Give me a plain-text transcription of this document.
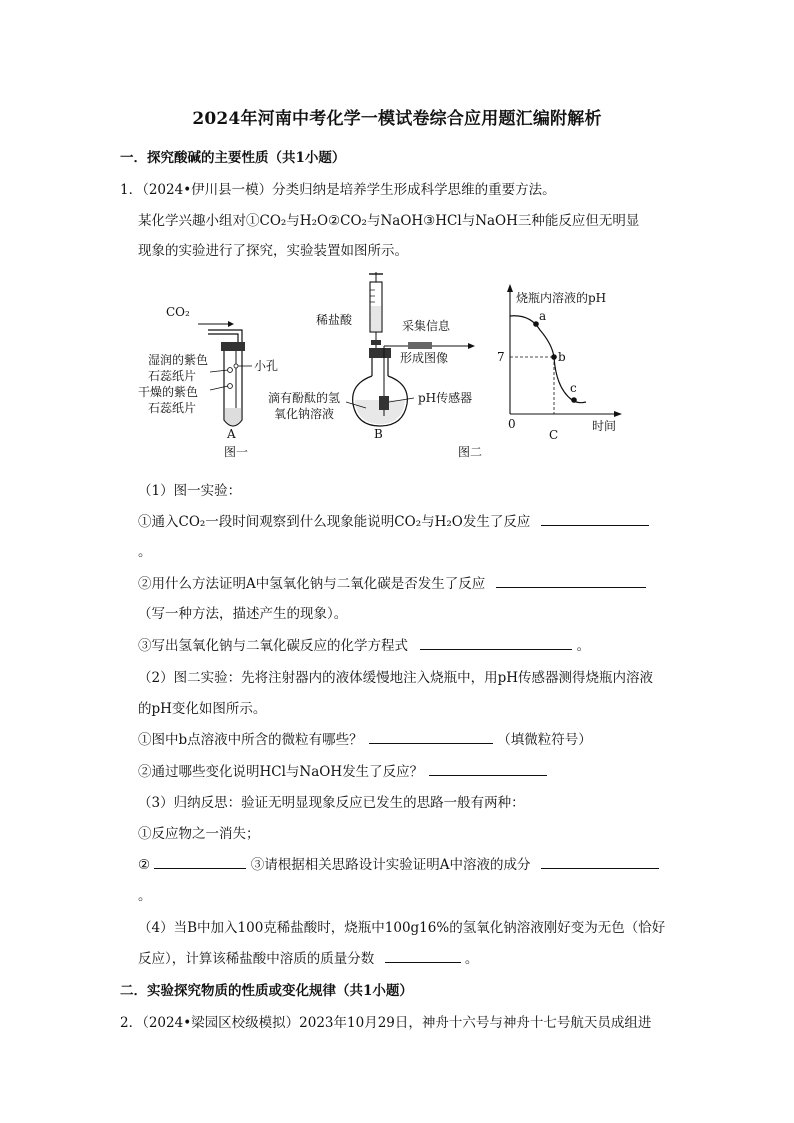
2024年河南中考化学一模试卷综合应用题汇编附解析
一．探究酸碱的主要性质（共1小题）
1．（2024•伊川县一模）分类归纳是培养学生形成科学思维的重要方法。
某化学兴趣小组对①CO₂与H₂O②CO₂与NaOH③HCl与NaOH三种能反应但无明显
现象的实验进行了探究，实验装置如图所示。
CO₂
湿润的紫色
石蕊纸片
干燥的紫色
石蕊纸片
小孔
A
图一
稀盐酸	采集信息
形成图像
滴有酚酞的氢
氧化钠溶液
pH传感器
B
烧瓶内溶液的pH
7
0	时间
a
b
c
C
图二
（1）图一实验：
①通入CO₂一段时间观察到什么现象能说明CO₂与H₂O发生了反应
。
②用什么方法证明A中氢氧化钠与二氧化碳是否发生了反应
（写一种方法，描述产生的现象）。
③写出氢氧化钠与二氧化碳反应的化学方程式	。
（2）图二实验：先将注射器内的液体缓慢地注入烧瓶中，用pH传感器测得烧瓶内溶液
的pH变化如图所示。
①图中b点溶液中所含的微粒有哪些？	（填微粒符号）
②通过哪些变化说明HCl与NaOH发生了反应？
（3）归纳反思：验证无明显现象反应已发生的思路一般有两种：
①反应物之一消失；
②	③请根据相关思路设计实验证明A中溶液的成分
。
（4）当B中加入100克稀盐酸时，烧瓶中100g16%的氢氧化钠溶液刚好变为无色（恰好
反应），计算该稀盐酸中溶质的质量分数	。
二．实验探究物质的性质或变化规律（共1小题）
2．（2024•梁园区校级模拟）2023年10月29日，神舟十六号与神舟十七号航天员成组进
